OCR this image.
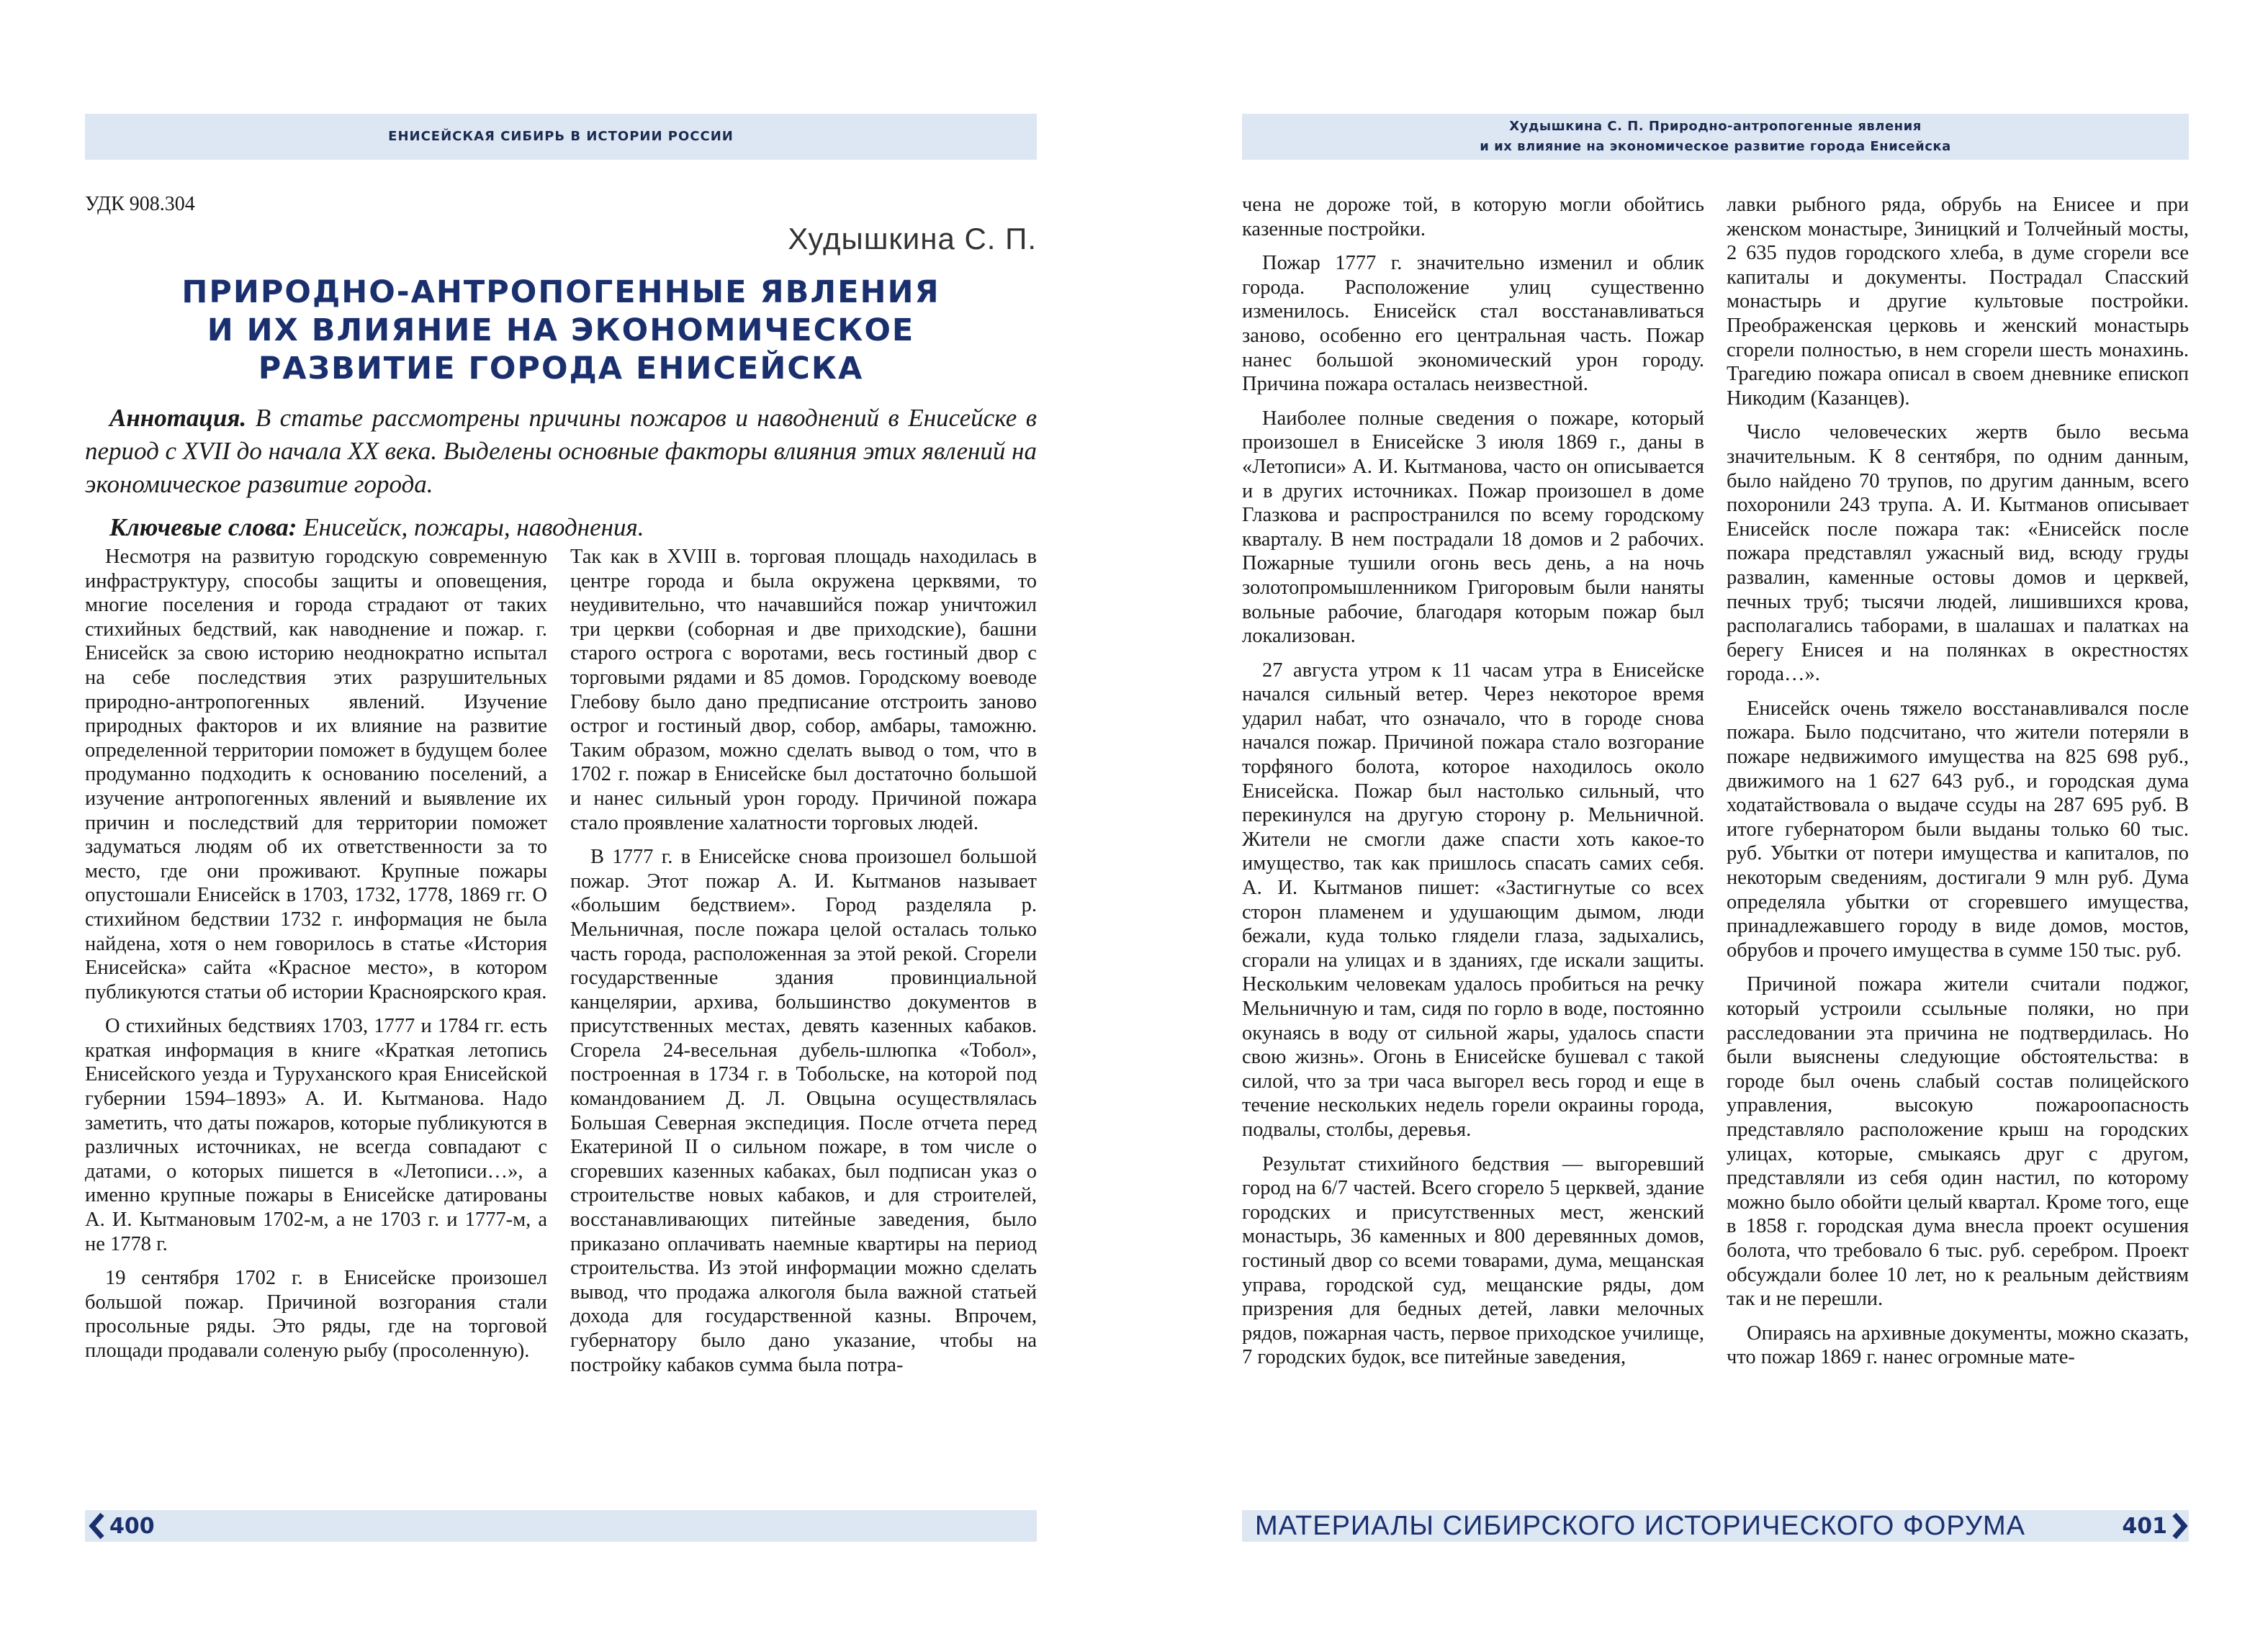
ЕНИСЕЙСКАЯ СИБИРЬ В ИСТОРИИ РОССИИ
УДК 908.304
Худышкина С. П.
ПРИРОДНО-АНТРОПОГЕННЫЕ ЯВЛЕНИЯ
И ИХ ВЛИЯНИЕ НА ЭКОНОМИЧЕСКОЕ
РАЗВИТИЕ ГОРОДА ЕНИСЕЙСКА

Аннотация. В статье рассмотрены причины пожаров и наводнений в Енисейске в период с XVII до начала XX века. Выделены основные факторы влияния этих явлений на экономическое развитие города.

Ключевые слова: Енисейск, пожары, наводнения.

Несмотря на развитую городскую современную инфраструктуру, способы защиты и оповещения, многие поселения и города страдают от таких стихийных бедствий, как наводнение и пожар. г. Енисейск за свою историю неоднократно испытал на себе последствия этих разрушительных природно-антропогенных явлений. Изучение природных факторов и их влияние на развитие определенной территории поможет в будущем более продуманно подходить к основанию поселений, а изучение антропогенных явлений и выявление их причин и последствий для территории поможет задуматься людям об их ответственности за то место, где они проживают. Крупные пожары опустошали Енисейск в 1703, 1732, 1778, 1869 гг. О стихийном бедствии 1732 г. информация не была найдена, хотя о нем говорилось в статье «История Енисейска» сайта «Красное место», в котором публикуются статьи об истории Красноярского края.

О стихийных бедствиях 1703, 1777 и 1784 гг. есть краткая информация в книге «Краткая летопись Енисейского уезда и Туруханского края Енисейской губернии 1594–1893» А. И. Кытманова. Надо заметить, что даты пожаров, которые публикуются в различных источниках, не всегда совпадают с датами, о которых пишется в «Летописи…», а именно крупные пожары в Енисейске датированы А. И. Кытмановым 1702-м, а не 1703 г. и 1777-м, а не 1778 г.

19 сентября 1702 г. в Енисейске произошел большой пожар. Причиной возгорания стали просольные ряды. Это ряды, где на торговой площади продавали соленую рыбу (просоленную).

Так как в XVIII в. торговая площадь находилась в центре города и была окружена церквями, то неудивительно, что начавшийся пожар уничтожил три церкви (соборная и две приходские), башни старого острога с воротами, весь гостиный двор с торговыми рядами и 85 домов. Городскому воеводе Глебову было дано предписание отстроить заново острог и гостиный двор, собор, амбары, таможню. Таким образом, можно сделать вывод о том, что в 1702 г. пожар в Енисейске был достаточно большой и нанес сильный урон городу. Причиной пожара стало проявление халатности торговых людей.

В 1777 г. в Енисейске снова произошел большой пожар. Этот пожар А. И. Кытманов называет «большим бедствием». Город разделяла р. Мельничная, после пожара целой осталась только часть города, расположенная за этой рекой. Сгорели государственные здания провинциальной канцелярии, архива, большинство документов в присутственных местах, девять казенных кабаков. Сгорела 24-весельная дубель-шлюпка «Тобол», построенная в 1734 г. в Тобольске, на которой под командованием Д. Л. Овцына осуществлялась Большая Северная экспедиция. После отчета перед Екатериной II о сильном пожаре, в том числе о сгоревших казенных кабаках, был подписан указ о строительстве новых кабаков, и для строителей, восстанавливающих питейные заведения, было приказано оплачивать наемные квартиры на период строительства. Из этой информации можно сделать вывод, что продажа алкоголя была важной статьей дохода для государственной казны. Впрочем, губернатору было дано указание, чтобы на постройку кабаков сумма была потра-

400
Худышкина С. П. Природно-антропогенные явления
и их влияние на экономическое развитие города Енисейска

чена не дороже той, в которую могли обойтись казенные постройки.

Пожар 1777 г. значительно изменил и облик города. Расположение улиц существенно изменилось. Енисейск стал восстанавливаться заново, особенно его центральная часть. Пожар нанес большой экономический урон городу. Причина пожара осталась неизвестной.

Наиболее полные сведения о пожаре, который произошел в Енисейске 3 июля 1869 г., даны в «Летописи» А. И. Кытманова, часто он описывается и в других источниках. Пожар произошел в доме Глазкова и распространился по всему городскому кварталу. В нем пострадали 18 домов и 2 рабочих. Пожарные тушили огонь весь день, а на ночь золотопромышленником Григоровым были наняты вольные рабочие, благодаря которым пожар был локализован.

27 августа утром к 11 часам утра в Енисейске начался сильный ветер. Через некоторое время ударил набат, что означало, что в городе снова начался пожар. Причиной пожара стало возгорание торфяного болота, которое находилось около Енисейска. Пожар был настолько сильный, что перекинулся на другую сторону р. Мельничной. Жители не смогли даже спасти хоть какое-то имущество, так как пришлось спасать самих себя. А. И. Кытманов пишет: «Застигнутые со всех сторон пламенем и удушающим дымом, люди бежали, куда только глядели глаза, задыхались, сгорали на улицах и в зданиях, где искали защиты. Нескольким человекам удалось пробиться на речку Мельничную и там, сидя по горло в воде, постоянно окунаясь в воду от сильной жары, удалось спасти свою жизнь». Огонь в Енисейске бушевал с такой силой, что за три часа выгорел весь город и еще в течение нескольких недель горели окраины города, подвалы, столбы, деревья.

Результат стихийного бедствия — выгоревший город на 6/7 частей. Всего сгорело 5 церквей, здание городских и присутственных мест, женский монастырь, 36 каменных и 800 деревянных домов, гостиный двор со всеми товарами, дума, мещанская управа, городской суд, мещанские ряды, дом призрения для бедных детей, лавки мелочных рядов, пожарная часть, первое приходское училище, 7 городских будок, все питейные заведения,

лавки рыбного ряда, обрубь на Енисее и при женском монастыре, Зиницкий и Толчейный мосты, 2 635 пудов городского хлеба, в думе сгорели все капиталы и документы. Пострадал Спасский монастырь и другие культовые постройки. Преображенская церковь и женский монастырь сгорели полностью, в нем сгорели шесть монахинь. Трагедию пожара описал в своем дневнике епископ Никодим (Казанцев).

Число человеческих жертв было весьма значительным. К 8 сентября, по одним данным, было найдено 70 трупов, по другим данным, всего похоронили 243 трупа. А. И. Кытманов описывает Енисейск после пожара так: «Енисейск после пожара представлял ужасный вид, всюду груды развалин, каменные остовы домов и церквей, печных труб; тысячи людей, лишившихся крова, располагались таборами, в шалашах и палатках на берегу Енисея и на полянках в окрестностях города…».

Енисейск очень тяжело восстанавливался после пожара. Было подсчитано, что жители потеряли в пожаре недвижимого имущества на 825 698 руб., движимого на 1 627 643 руб., и городская дума ходатайствовала о выдаче ссуды на 287 695 руб. В итоге губернатором были выданы только 60 тыс. руб. Убытки от потери имущества и капиталов, по некоторым сведениям, достигали 9 млн руб. Дума определяла убытки от сгоревшего имущества, принадлежавшего городу в виде домов, мостов, обрубов и прочего имущества в сумме 150 тыс. руб.

Причиной пожара жители считали поджог, который устроили ссыльные поляки, но при расследовании эта причина не подтвердилась. Но были выяснены следующие обстоятельства: в городе был очень слабый состав полицейского управления, высокую пожароопасность представляло расположение крыш на городских улицах, которые, смыкаясь друг с другом, представляли из себя один настил, по которому можно было обойти целый квартал. Кроме того, еще в 1858 г. городская дума внесла проект осушения болота, что требовало 6 тыс. руб. серебром. Проект обсуждали более 10 лет, но к реальным действиям так и не перешли.

Опираясь на архивные документы, можно сказать, что пожар 1869 г. нанес огромные мате-

МАТЕРИАЛЫ СИБИРСКОГО ИСТОРИЧЕСКОГО ФОРУМА	401
